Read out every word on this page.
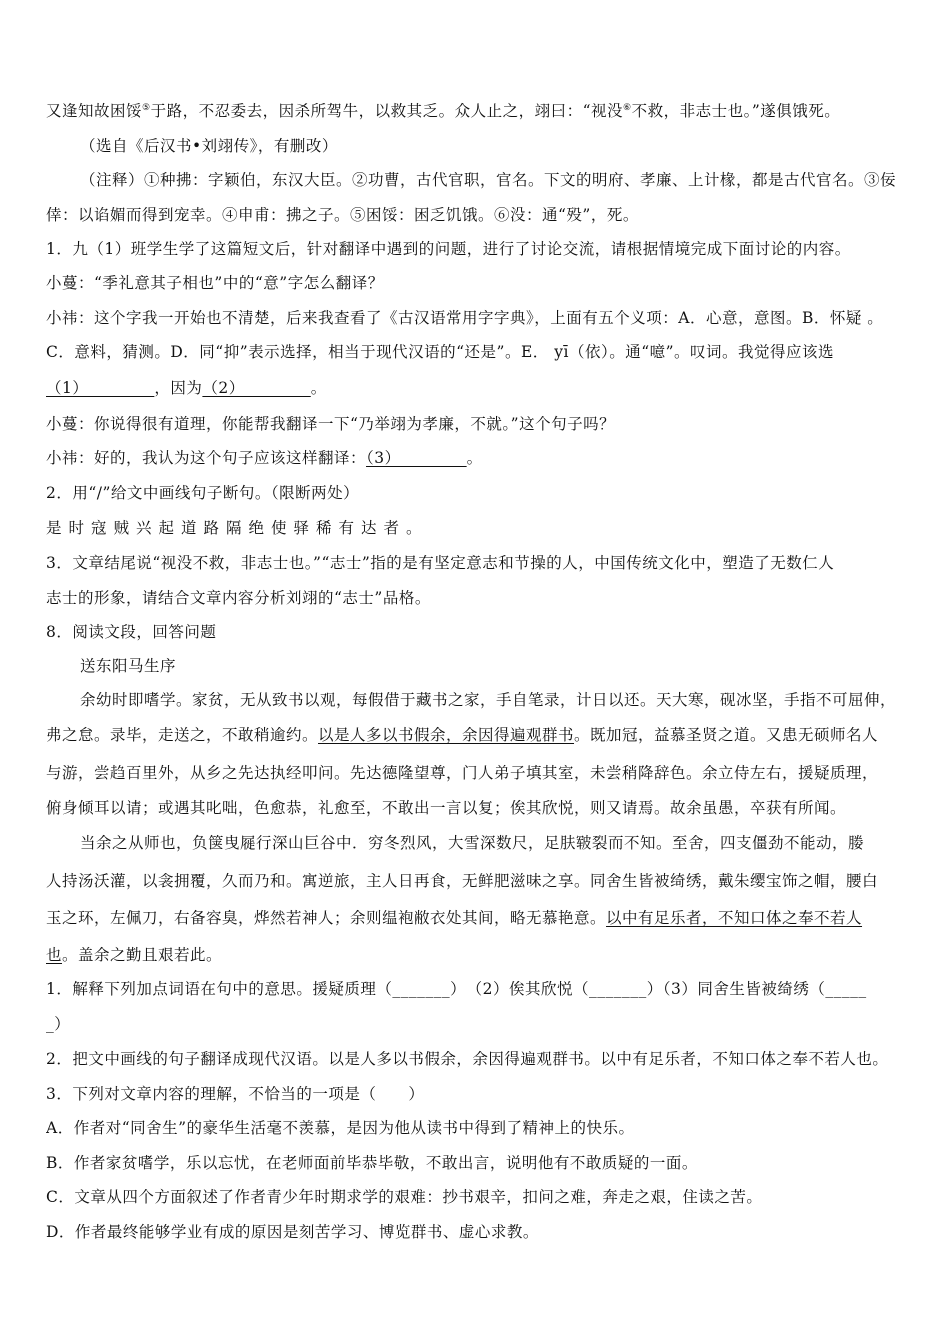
又逢知故困馁⑤于路，不忍委去，因杀所驾牛，以救其乏。众人止之，翊曰：“视没⑥不救，非志士也。”遂俱饿死。
（选自《后汉书•刘翊传》，有删改）
（注释）①种拂：字颖伯，东汉大臣。②功曹，古代官职，官名。下文的明府、孝廉、上计椽，都是古代官名。③佞
倖：以谄媚而得到宠幸。④申甫：拂之子。⑤困馁：困乏饥饿。⑥没：通“殁”，死。
1．九（1）班学生学了这篇短文后，针对翻译中遇到的问题，进行了讨论交流，请根据情境完成下面讨论的内容。
小蔓：“季礼意其子相也”中的“意”字怎么翻译？
小祎：这个字我一开始也不清楚，后来我查看了《古汉语常用字字典》，上面有五个义项：A．心意，意图。B．怀疑 。
C．意料，猜测。D．同“抑”表示选择，相当于现代汉语的“还是”。E． yī（依）。通“噫”。叹词。我觉得应该选
（1）________，因为（2）________。
小蔓：你说得很有道理，你能帮我翻译一下“乃举翊为孝廉，不就。”这个句子吗？
小祎：好的，我认为这个句子应该这样翻译：（3）________。
2．用“/”给文中画线句子断句。（限断两处）
是时寇贼兴起道路隔绝使驿稀有达者。
3．文章结尾说“视没不救，非志士也。”“志士”指的是有坚定意志和节操的人，中国传统文化中，塑造了无数仁人
志士的形象，请结合文章内容分析刘翊的“志士”品格。
8．阅读文段，回答问题
送东阳马生序
余幼时即嗜学。家贫，无从致书以观，每假借于藏书之家，手自笔录，计日以还。天大寒，砚冰坚，手指不可屈伸，
弗之怠。录毕，走送之，不敢稍逾约。以是人多以书假余，余因得遍观群书。既加冠，益慕圣贤之道。又患无硕师名人
与游，尝趋百里外，从乡之先达执经叩问。先达德隆望尊，门人弟子填其室，未尝稍降辞色。余立侍左右，援疑质理，
俯身倾耳以请；或遇其叱咄，色愈恭，礼愈至，不敢出一言以复；俟其欣悦，则又请焉。故余虽愚，卒获有所闻。
当余之从师也，负箧曳屣行深山巨谷中．穷冬烈风，大雪深数尺，足肤皲裂而不知。至舍，四支僵劲不能动，媵
人持汤沃灌，以衾拥覆，久而乃和。寓逆旅，主人日再食，无鲜肥滋味之享。同舍生皆被绮绣，戴朱缨宝饰之帽，腰白
玉之环，左佩刀，右备容臭，烨然若神人；余则缊袍敝衣处其间，略无慕艳意。以中有足乐者，不知口体之奉不若人
也。盖余之勤且艰若此。
1．解释下列加点词语在句中的意思。援疑质理（_______）　（2）俟其欣悦（_______）（3）同舍生皆被绮绣（_____
_）
2．把文中画线的句子翻译成现代汉语。以是人多以书假余，余因得遍观群书。以中有足乐者，不知口体之奉不若人也。
3．下列对文章内容的理解，不恰当的一项是（　　）
A．作者对“同舍生”的豪华生活毫不羡慕，是因为他从读书中得到了精神上的快乐。
B．作者家贫嗜学，乐以忘忧，在老师面前毕恭毕敬，不敢出言，说明他有不敢质疑的一面。
C．文章从四个方面叙述了作者青少年时期求学的艰难：抄书艰辛，扣问之难，奔走之艰，住读之苦。
D．作者最终能够学业有成的原因是刻苦学习、博览群书、虚心求教。
